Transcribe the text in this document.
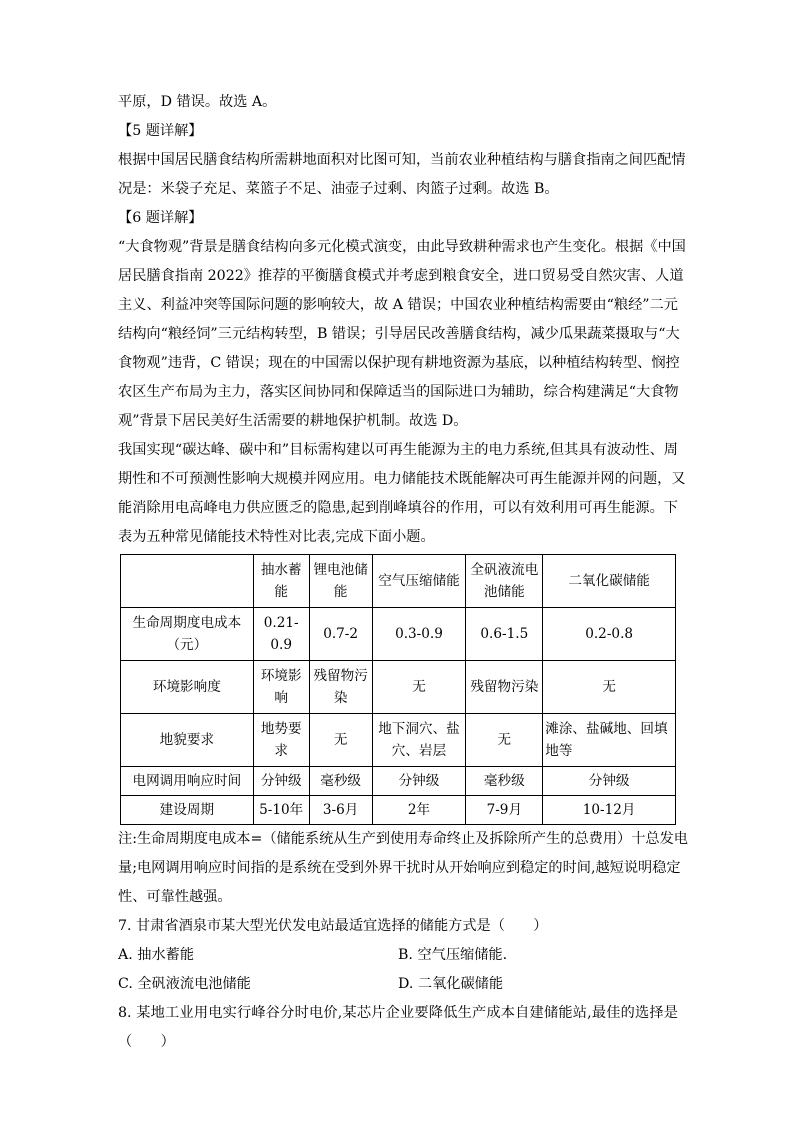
平原，D 错误。故选 A。
【5 题详解】
根据中国居民膳食结构所需耕地面积对比图可知，当前农业种植结构与膳食指南之间匹配情
况是：米袋子充足、菜篮子不足、油壶子过剩、肉篮子过剩。故选 B。
【6 题详解】
“大食物观”背景是膳食结构向多元化模式演变，由此导致耕种需求也产生变化。根据《中国
居民膳食指南 2022》推荐的平衡膳食模式并考虑到粮食安全，进口贸易受自然灾害、人道
主义、利益冲突等国际问题的影响较大，故 A 错误；中国农业种植结构需要由“粮经”二元
结构向“粮经饲”三元结构转型，B 错误；引导居民改善膳食结构，减少瓜果蔬菜摄取与“大
食物观”违背，C 错误；现在的中国需以保护现有耕地资源为基底，以种植结构转型、悯控
农区生产布局为主力，落实区间协同和保障适当的国际进口为辅助，综合构建满足“大食物
观”背景下居民美好生活需要的耕地保护机制。故选 D。
我国实现“碳达峰、碳中和”目标需构建以可再生能源为主的电力系统,但其具有波动性、周
期性和不可预测性影响大规模并网应用。电力储能技术既能解决可再生能源并网的问题，又
能消除用电高峰电力供应匮乏的隐患,起到削峰填谷的作用，可以有效利用可再生能源。下
表为五种常见储能技术特性对比表,完成下面小题。
	抽水蓄能	锂电池储能	空气压缩储能	全矾液流电池储能	二氧化碳储能
生命周期度电成本（元）	0.21-0.9	0.7-2	0.3-0.9	0.6-1.5	0.2-0.8
环境影响度	环境影响	残留物污染	无	残留物污染	无
地貌要求	地势要求	无	地下洞穴、盐穴、岩层	无	滩涂、盐碱地、回填地等
电网调用响应时间	分钟级	毫秒级	分钟级	毫秒级	分钟级
建设周期	5-10年	3-6月	2年	7-9月	10-12月
注:生命周期度电成本=（储能系统从生产到使用寿命终止及拆除所产生的总费用）十总发电
量;电网调用响应时间指的是系统在受到外界干扰时从开始响应到稳定的时间,越短说明稳定
性、可靠性越强。
7. 甘肃省酒泉市某大型光伏发电站最适宜选择的储能方式是（　　）
A. 抽水蓄能	B. 空气压缩储能.
C. 全矾液流电池储能	D. 二氧化碳储能
8. 某地工业用电实行峰谷分时电价,某芯片企业要降低生产成本自建储能站,最佳的选择是
（　　）
